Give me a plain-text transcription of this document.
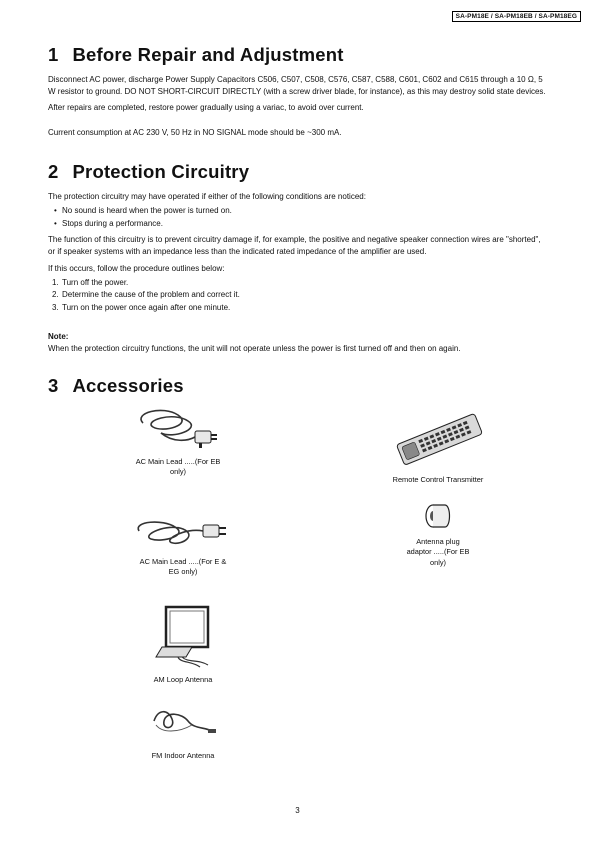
SA-PM18E / SA-PM18EB / SA-PM18EG
1 Before Repair and Adjustment

Disconnect AC power, discharge Power Supply Capacitors C506, C507, C508, C576, C587, C588, C601, C602 and C615 through a 10 Ω, 5 W resistor to ground. DO NOT SHORT-CIRCUIT DIRECTLY (with a screw driver blade, for instance), as this may destroy solid state devices.

After repairs are completed, restore power gradually using a variac, to avoid over current.

Current consumption at AC 230 V, 50 Hz in NO SIGNAL mode should be ~300 mA.

2 Protection Circuitry

The protection circuitry may have operated if either of the following conditions are noticed:

• No sound is heard when the power is turned on.
• Stops during a performance.

The function of this circuitry is to prevent circuitry damage if, for example, the positive and negative speaker connection wires are "shorted", or if speaker systems with an impedance less than the indicated rated impedance of the amplifier are used.

If this occurs, follow the procedure outlines below:

1. Turn off the power.
2. Determine the cause of the problem and correct it.
3. Turn on the power once again after one minute.

Note:

When the protection circuitry functions, the unit will not operate unless the power is first turned off and then on again.

3 Accessories
AC Main Lead .....(For EB only)
Remote Control Transmitter
Antenna plug adaptor .....(For EB only)
AC Main Lead .....(For E & EG only)
AM Loop Antenna
FM Indoor Antenna
3
